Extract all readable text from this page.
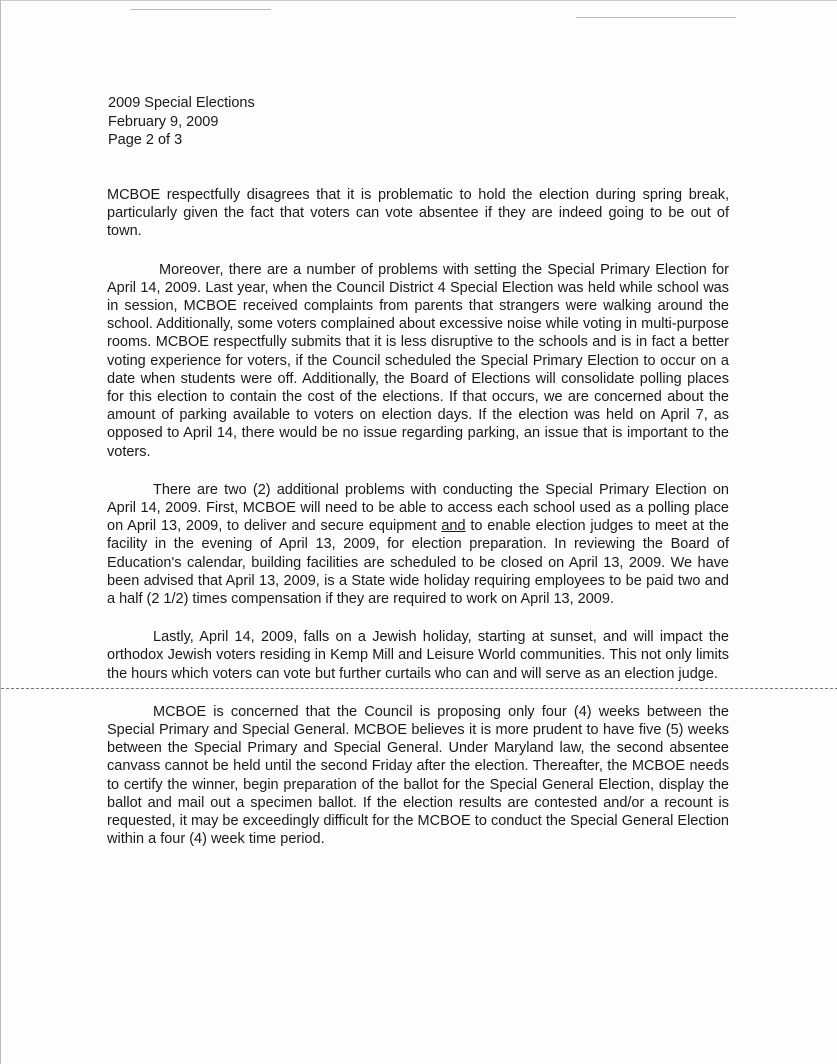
2009 Special Elections
February 9, 2009
Page 2 of 3

MCBOE respectfully disagrees that it is problematic to hold the election during spring break, particularly given the fact that voters can vote absentee if they are indeed going to be out of town.

Moreover, there are a number of problems with setting the Special Primary Election for April 14, 2009. Last year, when the Council District 4 Special Election was held while school was in session, MCBOE received complaints from parents that strangers were walking around the school. Additionally, some voters complained about excessive noise while voting in multi-purpose rooms. MCBOE respectfully submits that it is less disruptive to the schools and is in fact a better voting experience for voters, if the Council scheduled the Special Primary Election to occur on a date when students were off. Additionally, the Board of Elections will consolidate polling places for this election to contain the cost of the elections. If that occurs, we are concerned about the amount of parking available to voters on election days. If the election was held on April 7, as opposed to April 14, there would be no issue regarding parking, an issue that is important to the voters.

There are two (2) additional problems with conducting the Special Primary Election on April 14, 2009. First, MCBOE will need to be able to access each school used as a polling place on April 13, 2009, to deliver and secure equipment and to enable election judges to meet at the facility in the evening of April 13, 2009, for election preparation. In reviewing the Board of Education's calendar, building facilities are scheduled to be closed on April 13, 2009. We have been advised that April 13, 2009, is a State wide holiday requiring employees to be paid two and a half (2 1/2) times compensation if they are required to work on April 13, 2009.

Lastly, April 14, 2009, falls on a Jewish holiday, starting at sunset, and will impact the orthodox Jewish voters residing in Kemp Mill and Leisure World communities. This not only limits the hours which voters can vote but further curtails who can and will serve as an election judge.

MCBOE is concerned that the Council is proposing only four (4) weeks between the Special Primary and Special General. MCBOE believes it is more prudent to have five (5) weeks between the Special Primary and Special General. Under Maryland law, the second absentee canvass cannot be held until the second Friday after the election. Thereafter, the MCBOE needs to certify the winner, begin preparation of the ballot for the Special General Election, display the ballot and mail out a specimen ballot. If the election results are contested and/or a recount is requested, it may be exceedingly difficult for the MCBOE to conduct the Special General Election within a four (4) week time period.
